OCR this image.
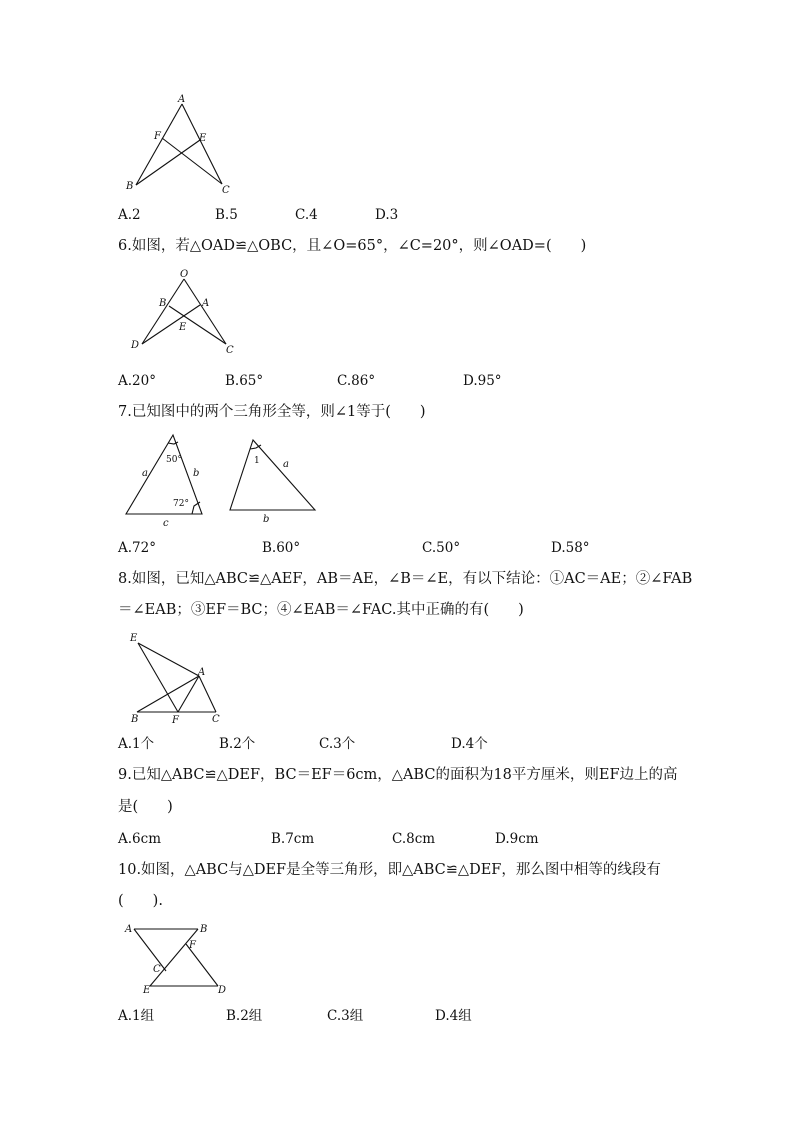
A
F	E
B	C
A.2	B.5	C.4	D.3
6.如图，若△OAD≌△OBC，且∠O=65°，∠C=20°，则∠OAD=(　　)
O
B	A
E
D	C
A.20°	B.65°	C.86°	D.95°
7.已知图中的两个三角形全等，则∠1等于(　　)
50°
72°
a	b
c
1 a
b
A.72°	B.60°	C.50°	D.58°
8.如图，已知△ABC≌△AEF，AB＝AE，∠B＝∠E，有以下结论：①AC＝AE；②∠FAB
＝∠EAB；③EF＝BC；④∠EAB＝∠FAC.其中正确的有(　　)
E
A
B	F	C
A.1个	B.2个	C.3个	D.4个
9.已知△ABC≌△DEF，BC＝EF＝6cm，△ABC的面积为18平方厘米，则EF边上的高
是(　　)
A.6cm	B.7cm	C.8cm	D.9cm
10.如图，△ABC与△DEF是全等三角形，即△ABC≌△DEF，那么图中相等的线段有
(　　).
A	B
F
C
E	D
A.1组	B.2组	C.3组	D.4组
